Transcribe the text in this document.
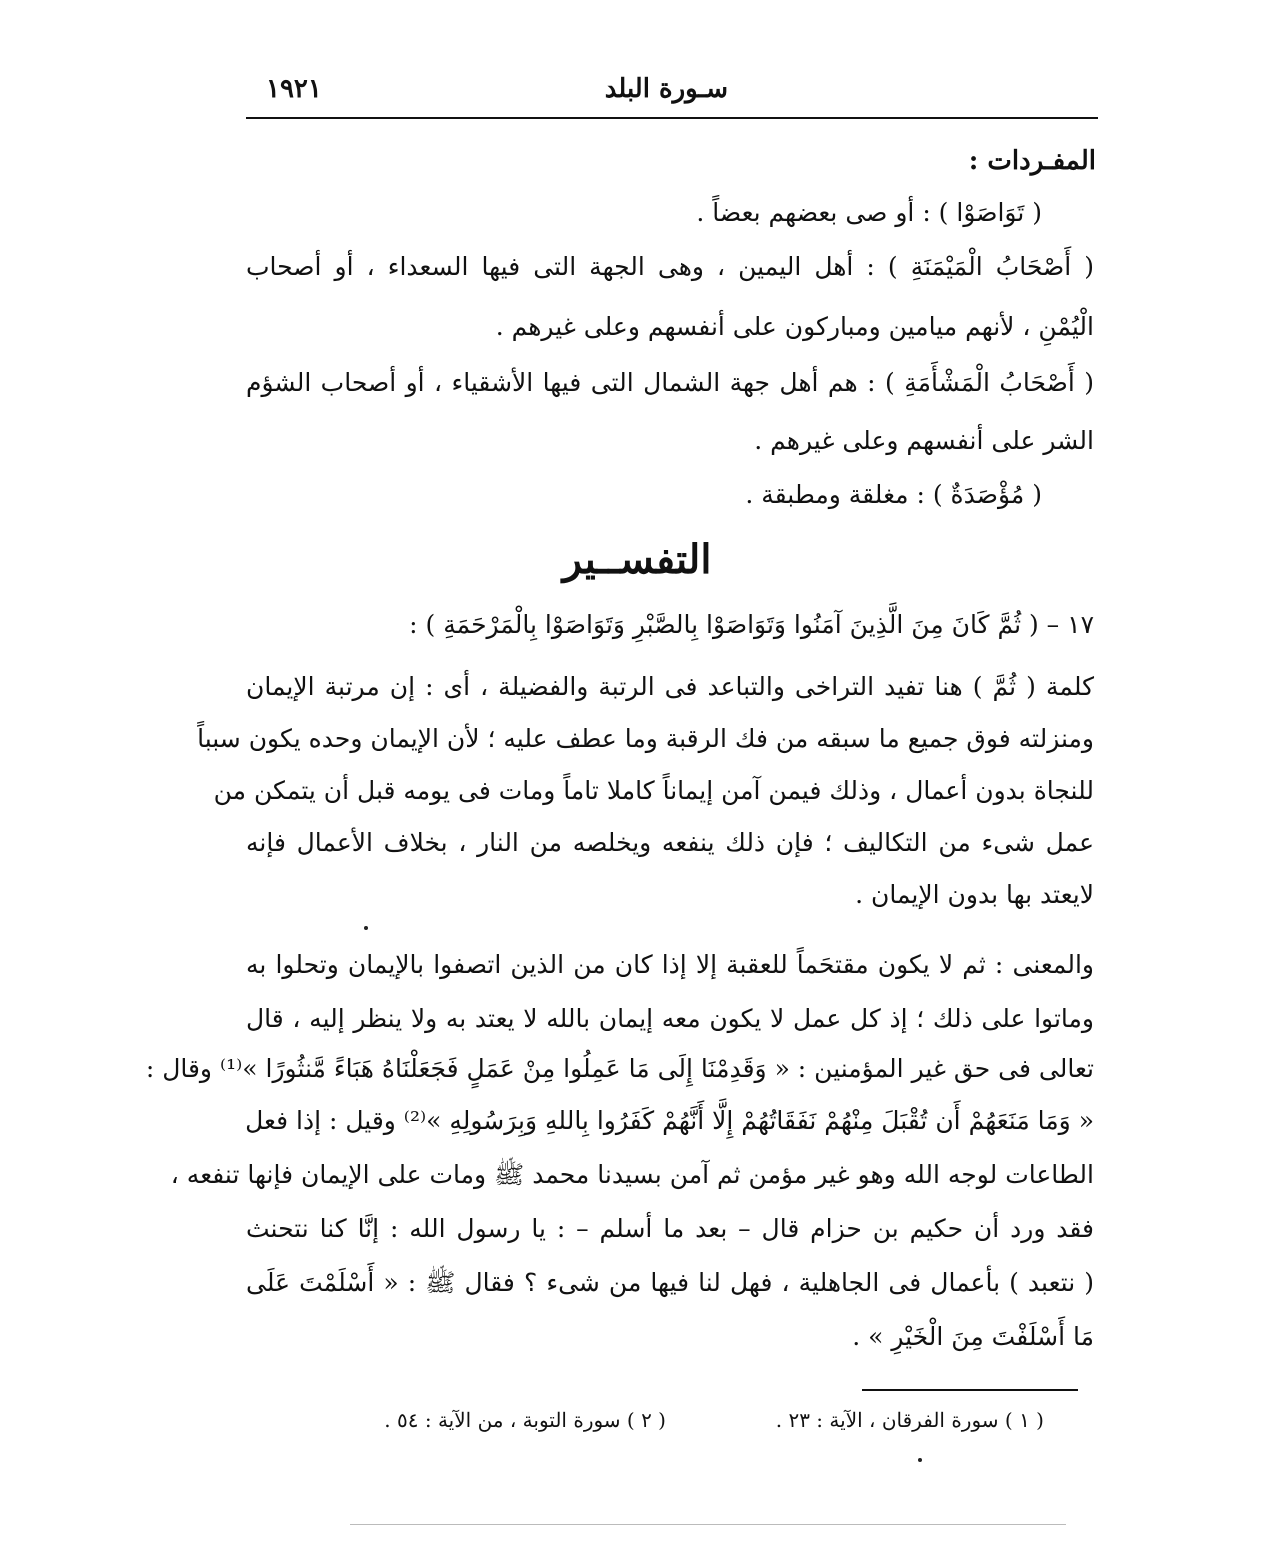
سـورة البلد
١٩٢١
المفـردات :
( تَوَاصَوْا ) : أو صى بعضهم بعضاً .
( أَصْحَابُ الْمَيْمَنَةِ ) : أهل اليمين ، وهى الجهة التى فيها السعداء ، أو أصحاب
الْيُمْنِ ، لأنهم ميامين ومباركون على أنفسهم وعلى غيرهم .
( أَصْحَابُ الْمَشْأَمَةِ ) : هم أهل جهة الشمال التى فيها الأشقياء ، أو أصحاب الشؤم
الشر على أنفسهم وعلى غيرهم .
( مُؤْصَدَةٌ ) : مغلقة ومطبقة .
التفســير
١٧ – ( ثُمَّ كَانَ مِنَ الَّذِينَ آمَنُوا وَتَوَاصَوْا بِالصَّبْرِ وَتَوَاصَوْا بِالْمَرْحَمَةِ ) :
كلمة ( ثُمَّ ) هنا تفيد التراخى والتباعد فى الرتبة والفضيلة ، أى : إن مرتبة الإيمان
ومنزلته فوق جميع ما سبقه من فك الرقبة وما عطف عليه ؛ لأن الإيمان وحده يكون سبباً
للنجاة بدون أعمال ، وذلك فيمن آمن إيماناً كاملا تاماً ومات فى يومه قبل أن يتمكن من
عمل شىء من التكاليف ؛ فإن ذلك ينفعه ويخلصه من النار ، بخلاف الأعمال فإنه
لايعتد بها بدون الإيمان .
والمعنى : ثم لا يكون مقتحَماً للعقبة إلا إذا كان من الذين اتصفوا بالإيمان وتحلوا به
وماتوا على ذلك ؛ إذ كل عمل لا يكون معه إيمان بالله لا يعتد به ولا ينظر إليه ، قال
تعالى فى حق غير المؤمنين : « وَقَدِمْنَا إِلَى مَا عَمِلُوا مِنْ عَمَلٍ فَجَعَلْنَاهُ هَبَاءً مَّنثُورًا »⁽¹⁾ وقال :
« وَمَا مَنَعَهُمْ أَن تُقْبَلَ مِنْهُمْ نَفَقَاتُهُمْ إِلَّا أَنَّهُمْ كَفَرُوا بِاللهِ وَبِرَسُولِهِ »⁽²⁾ وقيل : إذا فعل
الطاعات لوجه الله وهو غير مؤمن ثم آمن بسيدنا محمد ﷺ ومات على الإيمان فإنها تنفعه ،
فقد ورد أن حكيم بن حزام قال – بعد ما أسلم – : يا رسول الله : إنَّا كنا نتحنث
( نتعبد ) بأعمال فى الجاهلية ، فهل لنا فيها من شىء ؟ فقال ﷺ : « أَسْلَمْتَ عَلَى
مَا أَسْلَفْتَ مِنَ الْخَيْرِ » .
( ١ ) سورة الفرقان ، الآية : ٢٣ .
( ٢ ) سورة التوبة ، من الآية : ٥٤ .
